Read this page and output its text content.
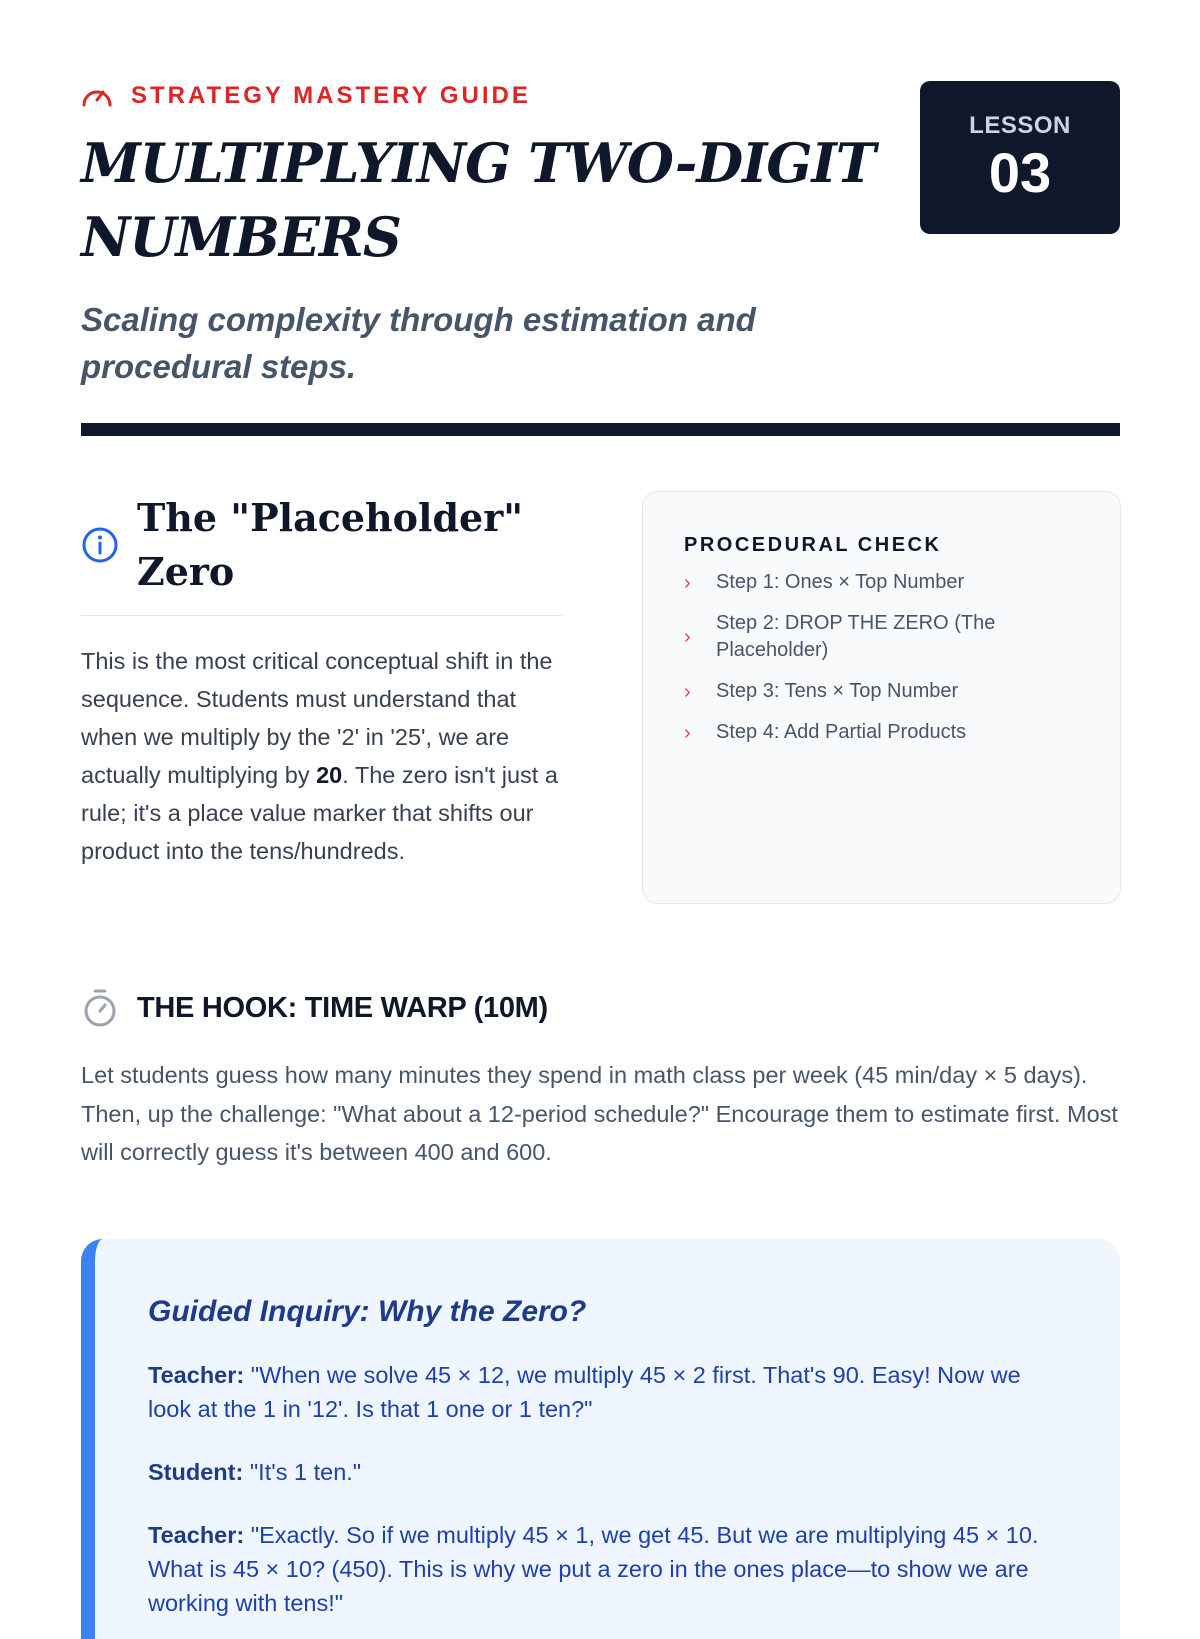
STRATEGY MASTERY GUIDE
MULTIPLYING TWO-DIGIT NUMBERS

Scaling complexity through estimation and procedural steps.

LESSON
03
The "Placeholder" Zero

This is the most critical conceptual shift in the sequence. Students must understand that when we multiply by the '2' in '25', we are actually multiplying by 20. The zero isn't just a rule; it's a place value marker that shifts our product into the tens/hundreds.

PROCEDURAL CHECK
›	Step 1: Ones × Top Number
›
Step 2: DROP THE ZERO (The Placeholder)
›	Step 3: Tens × Top Number
›	Step 4: Add Partial Products
THE HOOK: TIME WARP (10M)

Let students guess how many minutes they spend in math class per week (45 min/day × 5 days). Then, up the challenge: "What about a 12-period schedule?" Encourage them to estimate first. Most will correctly guess it's between 400 and 600.

Guided Inquiry: Why the Zero?

Teacher: "When we solve 45 × 12, we multiply 45 × 2 first. That's 90. Easy! Now we look at the 1 in '12'. Is that 1 one or 1 ten?"

Student: "It's 1 ten."

Teacher: "Exactly. So if we multiply 45 × 1, we get 45. But we are multiplying 45 × 10. What is 45 × 10? (450). This is why we put a zero in the ones place—to show we are working with tens!"
